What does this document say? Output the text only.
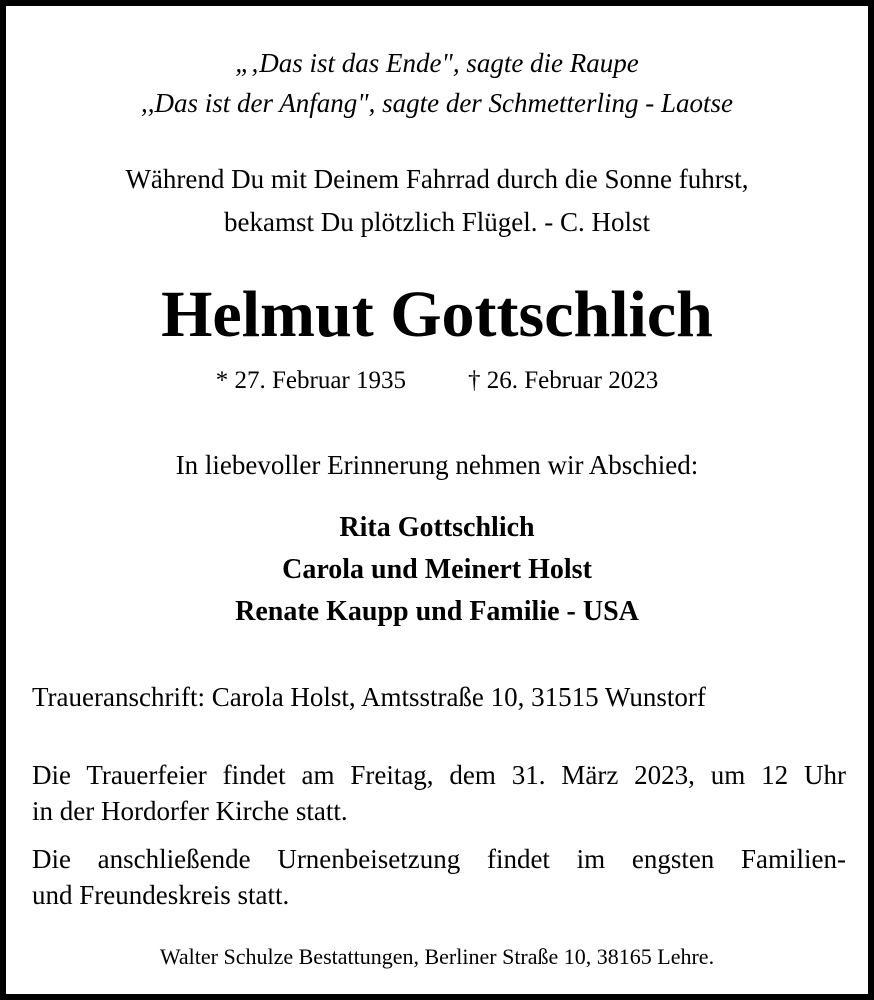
„‚Das ist das Ende", sagte die Raupe
,,Das ist der Anfang", sagte der Schmetterling - Laotse
Während Du mit Deinem Fahrrad durch die Sonne fuhrst,
bekamst Du plötzlich Flügel. - C. Holst
Helmut Gottschlich
* 27. Februar 1935 † 26. Februar 2023
In liebevoller Erinnerung nehmen wir Abschied:
Rita Gottschlich
Carola und Meinert Holst
Renate Kaupp und Familie - USA
Traueranschrift: Carola Holst, Amtsstraße 10, 31515 Wunstorf
Die Trauerfeier findet am Freitag, dem 31. März 2023, um 12 Uhr
in der Hordorfer Kirche statt.
Die anschließende Urnenbeisetzung findet im engsten Familien-
und Freundeskreis statt.
Walter Schulze Bestattungen, Berliner Straße 10, 38165 Lehre.
